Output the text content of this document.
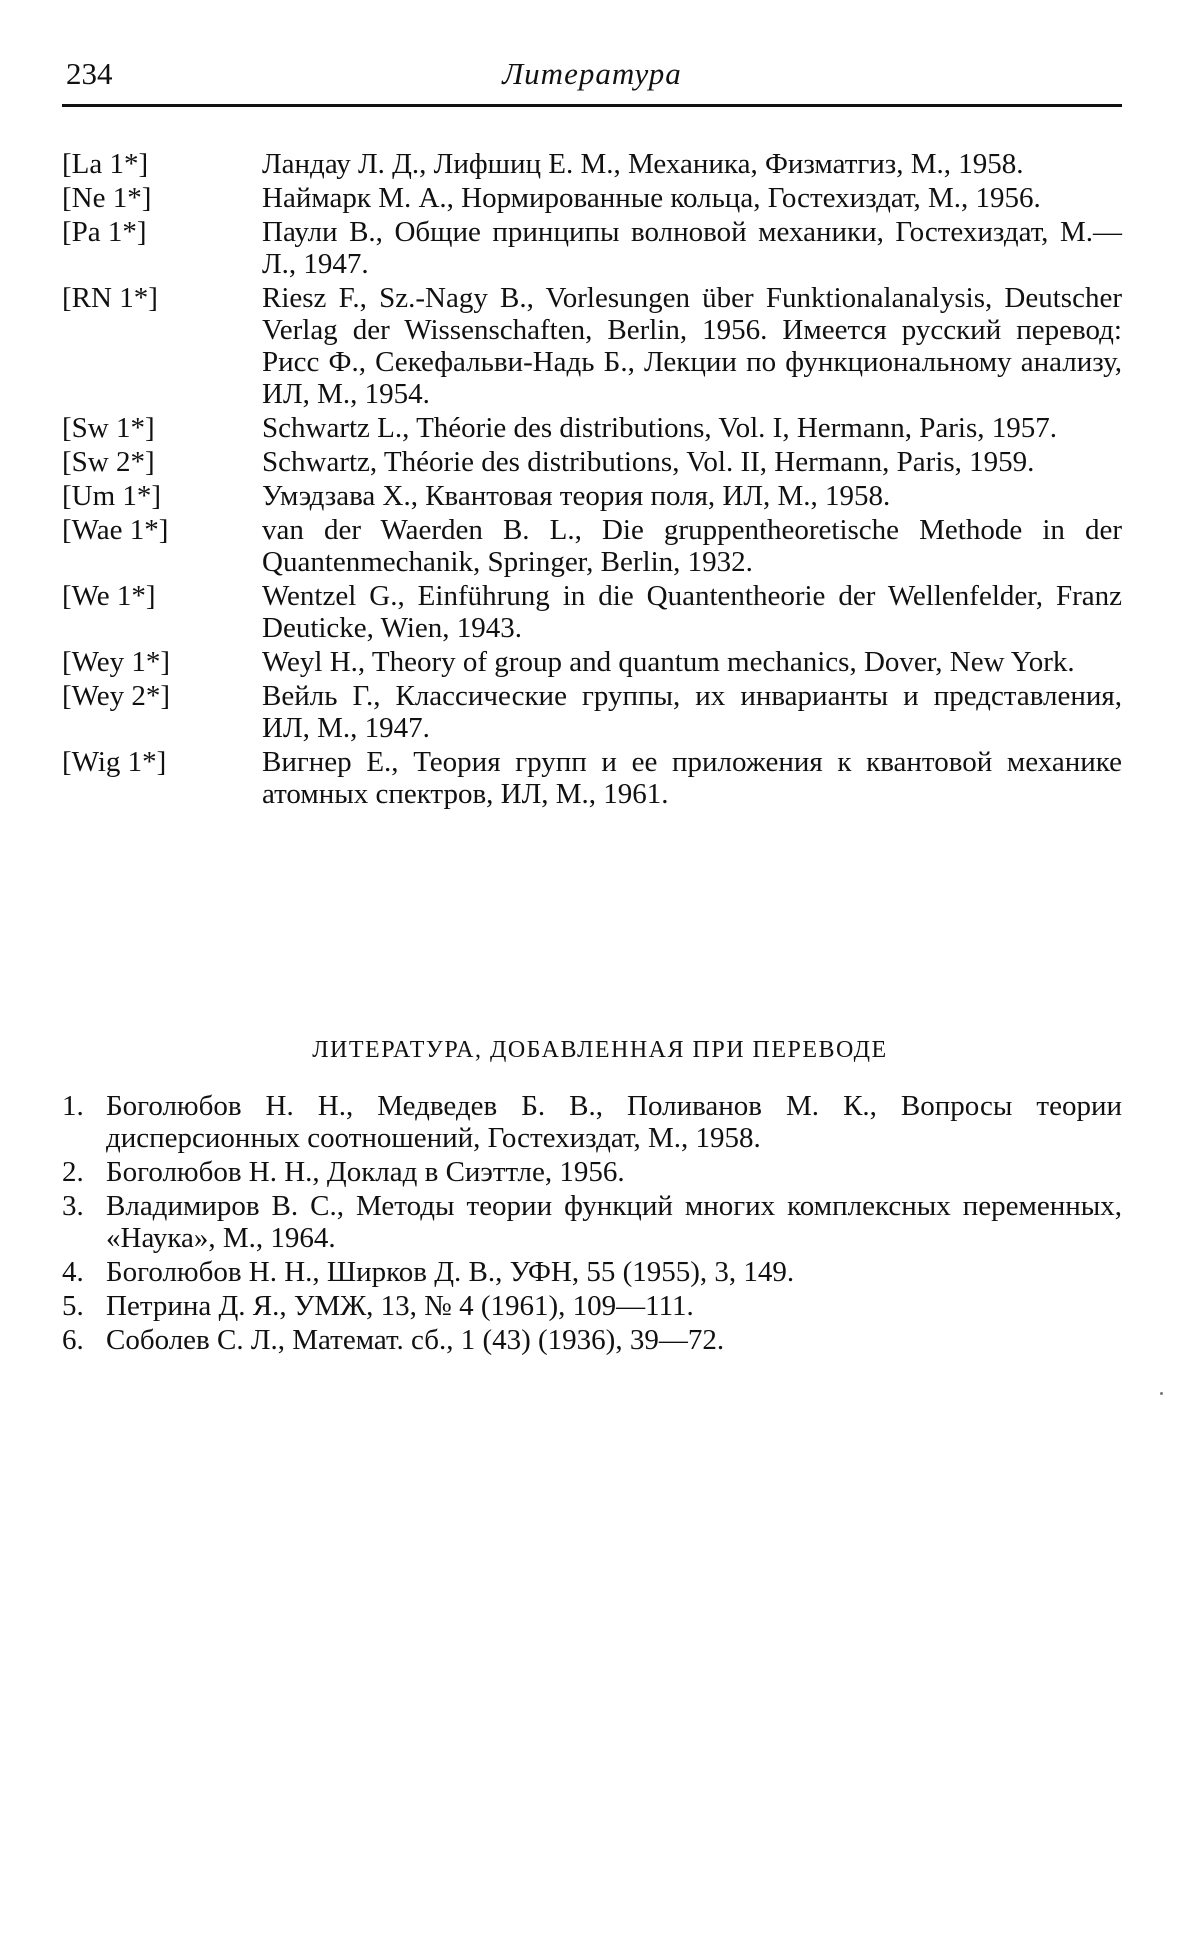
234	Литература
[La 1*]	Ландау Л. Д., Лифшиц Е. М., Механика, Физматгиз, М., 1958.
[Ne 1*]	Наймарк М. А., Нормированные кольца, Гостехиздат, М., 1956.
[Pa 1*]	Паули В., Общие принципы волновой механики, Гостехиздат, М.—Л., 1947.
[RN 1*]	Riesz F., Sz.-Nagy B., Vorlesungen über Funktionalanalysis, Deutscher Verlag der Wissenschaften, Berlin, 1956. Имеется русский перевод: Рисс Ф., Секефальви-Надь Б., Лекции по функциональному анализу, ИЛ, М., 1954.
[Sw 1*]	Schwartz L., Théorie des distributions, Vol. I, Hermann, Paris, 1957.
[Sw 2*]	Schwartz, Théorie des distributions, Vol. II, Hermann, Paris, 1959.
[Um 1*]	Умэдзава Х., Квантовая теория поля, ИЛ, М., 1958.
[Wae 1*]	van der Waerden B. L., Die gruppentheoretische Methode in der Quantenmechanik, Springer, Berlin, 1932.
[We 1*]	Wentzel G., Einführung in die Quantentheorie der Wellenfelder, Franz Deuticke, Wien, 1943.
[Wey 1*]	Weyl H., Theory of group and quantum mechanics, Dover, New York.
[Wey 2*]	Вейль Г., Классические группы, их инварианты и представления, ИЛ, М., 1947.
[Wig 1*]	Вигнер Е., Теория групп и ее приложения к квантовой механике атомных спектров, ИЛ, М., 1961.
ЛИТЕРАТУРА, ДОБАВЛЕННАЯ ПРИ ПЕРЕВОДЕ
1. Боголюбов Н. Н., Медведев Б. В., Поливанов М. К., Вопросы теории дисперсионных соотношений, Гостехиздат, М., 1958.
2. Боголюбов Н. Н., Доклад в Сиэттле, 1956.
3. Владимиров В. С., Методы теории функций многих комплексных переменных, «Наука», М., 1964.
4. Боголюбов Н. Н., Ширков Д. В., УФН, 55 (1955), 3, 149.
5. Петрина Д. Я., УМЖ, 13, № 4 (1961), 109—111.
6. Соболев С. Л., Математ. сб., 1 (43) (1936), 39—72.
